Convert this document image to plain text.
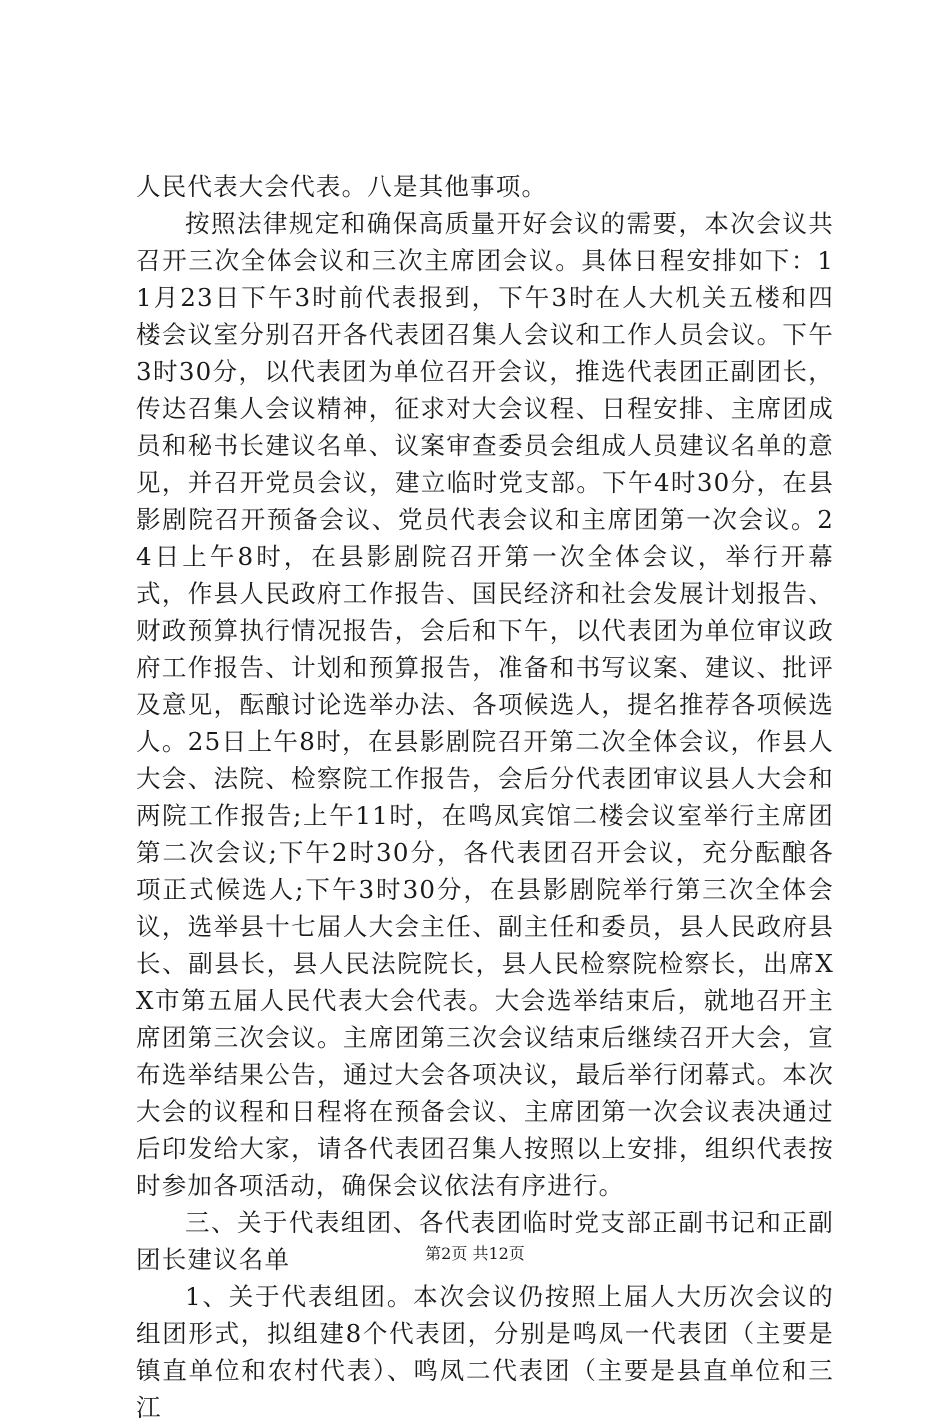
人民代表大会代表。八是其他事项。

按照法律规定和确保高质量开好会议的需要，本次会议共召开三次全体会议和三次主席团会议。具体日程安排如下：11月23日下午3时前代表报到，下午3时在人大机关五楼和四楼会议室分别召开各代表团召集人会议和工作人员会议。下午3时30分，以代表团为单位召开会议，推选代表团正副团长，传达召集人会议精神，征求对大会议程、日程安排、主席团成员和秘书长建议名单、议案审查委员会组成人员建议名单的意见，并召开党员会议，建立临时党支部。下午4时30分，在县影剧院召开预备会议、党员代表会议和主席团第一次会议。24日上午8时，在县影剧院召开第一次全体会议，举行开幕式，作县人民政府工作报告、国民经济和社会发展计划报告、财政预算执行情况报告，会后和下午，以代表团为单位审议政府工作报告、计划和预算报告，准备和书写议案、建议、批评及意见，酝酿讨论选举办法、各项候选人，提名推荐各项候选人。25日上午8时，在县影剧院召开第二次全体会议，作县人大会、法院、检察院工作报告，会后分代表团审议县人大会和两院工作报告;上午11时，在鸣凤宾馆二楼会议室举行主席团第二次会议;下午2时30分，各代表团召开会议，充分酝酿各项正式候选人;下午3时30分，在县影剧院举行第三次全体会议，选举县十七届人大会主任、副主任和委员，县人民政府县长、副县长，县人民法院院长，县人民检察院检察长，出席XX市第五届人民代表大会代表。大会选举结束后，就地召开主席团第三次会议。主席团第三次会议结束后继续召开大会，宣布选举结果公告，通过大会各项决议，最后举行闭幕式。本次大会的议程和日程将在预备会议、主席团第一次会议表决通过后印发给大家，请各代表团召集人按照以上安排，组织代表按时参加各项活动，确保会议依法有序进行。

三、关于代表组团、各代表团临时党支部正副书记和正副团长建议名单

1、关于代表组团。本次会议仍按照上届人大历次会议的组团形式，拟组建8个代表团，分别是鸣凤一代表团（主要是镇直单位和农村代表）、鸣凤二代表团（主要是县直单位和三江

第2页 共12页
